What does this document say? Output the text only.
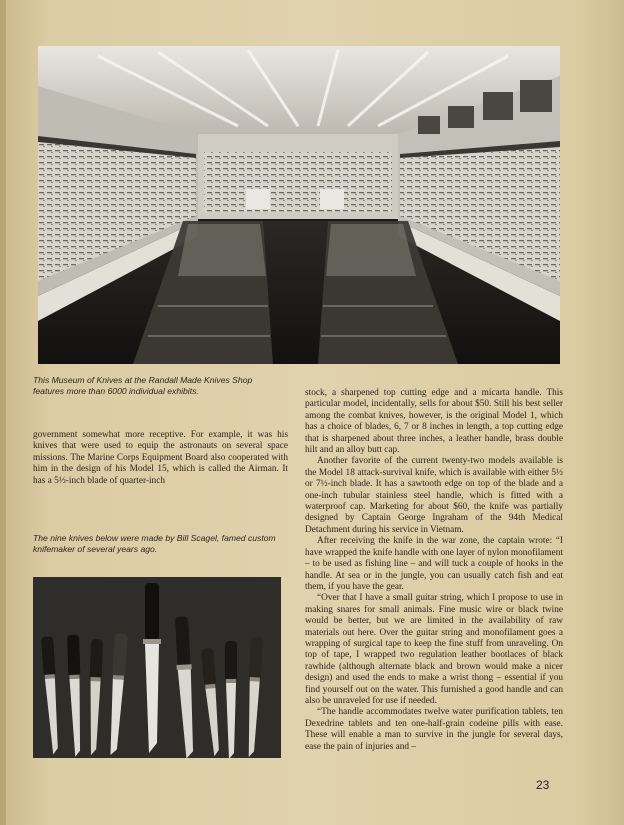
This Museum of Knives at the Randall Made Knives Shop features more than 6000 individual exhibits.

government somewhat more receptive. For example, it was his knives that were used to equip the astronauts on several space missions. The Marine Corps Equipment Board also cooperated with him in the design of his Model 15, which is called the Airman. It has a 5½-inch blade of quarter-inch

The nine knives below were made by Bill Scagel, famed custom knifemaker of several years ago.

stock, a sharpened top cutting edge and a micarta handle. This particular model, incidentally, sells for about $50. Still his best seller among the combat knives, however, is the original Model 1, which has a choice of blades, 6, 7 or 8 inches in length, a top cutting edge that is sharpened about three inches, a leather handle, brass double hilt and an alloy butt cap.

Another favorite of the current twenty-two models available is the Model 18 attack-survival knife, which is available with either 5½ or 7½-inch blade. It has a sawtooth edge on top of the blade and a one-inch tubular stainless steel handle, which is fitted with a waterproof cap. Marketing for about $60, the knife was partially designed by Captain George Ingraham of the 94th Medical Detachment during his service in Vietnam.

After receiving the knife in the war zone, the captain wrote: “I have wrapped the knife handle with one layer of nylon monofilament – to be used as fishing line – and will tuck a couple of hooks in the handle. At sea or in the jungle, you can usually catch fish and eat them, if you have the gear.

“Over that I have a small guitar string, which I propose to use in making snares for small animals. Fine music wire or black twine would be better, but we are limited in the availability of raw materials out here. Over the guitar string and monofilament goes a wrapping of surgical tape to keep the fine stuff from unraveling. On top of tape, I wrapped two regulation leather bootlaces of black rawhide (although alternate black and brown would make a nicer design) and used the ends to make a wrist thong – essential if you find yourself out on the water. This furnished a good handle and can also be unraveled for use if needed.

“The handle accommodates twelve water purification tablets, ten Dexedrine tablets and ten one-half-grain codeine pills with ease. These will enable a man to survive in the jungle for several days, ease the pain of injuries and –

23
